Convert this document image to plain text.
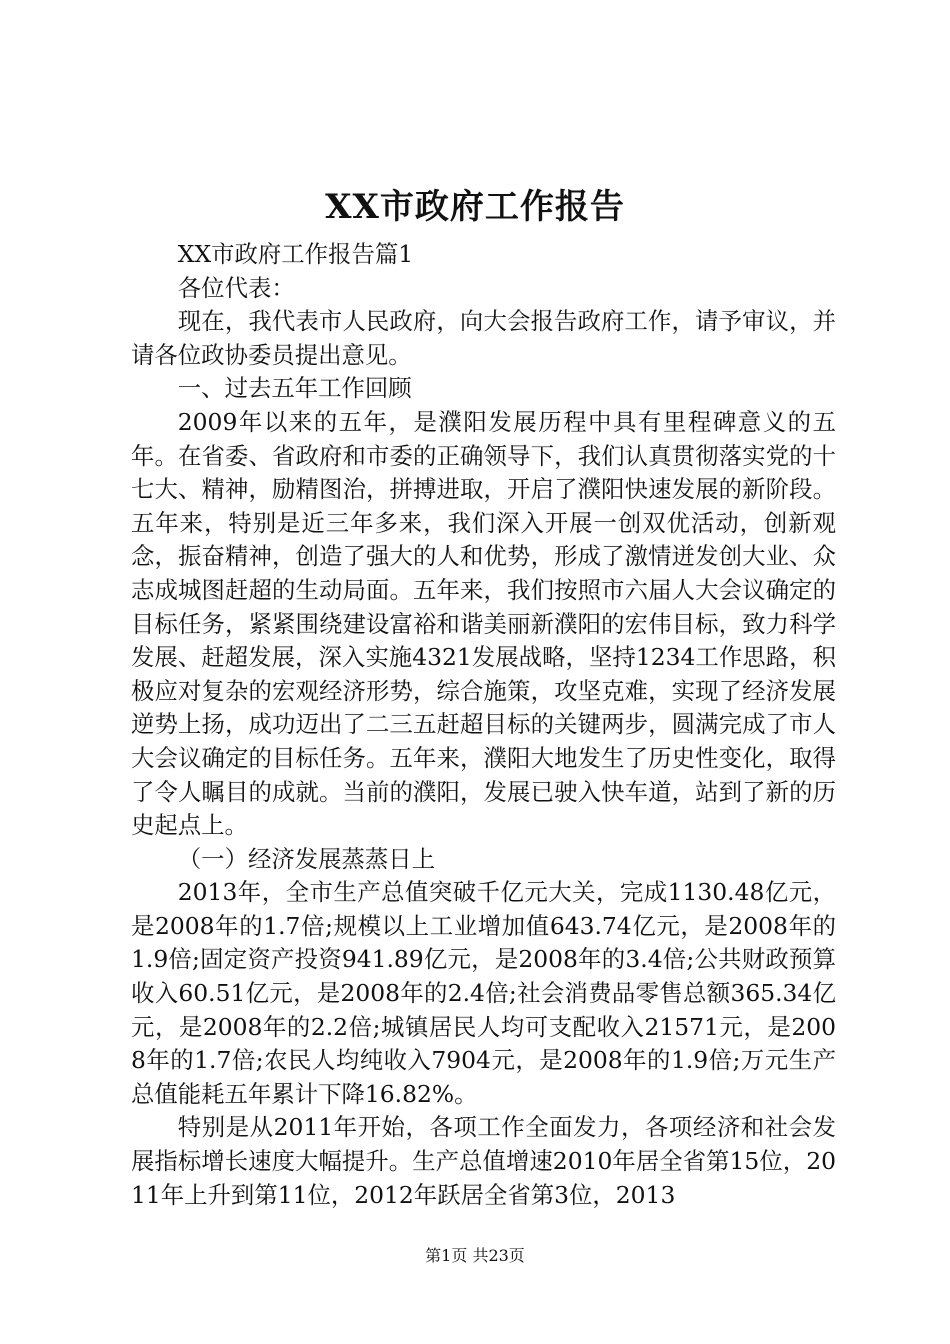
XX市政府工作报告

XX市政府工作报告篇1

各位代表：

现在，我代表市人民政府，向大会报告政府工作，请予审议，并请各位政协委员提出意见。

一、过去五年工作回顾

2009年以来的五年，是濮阳发展历程中具有里程碑意义的五年。在省委、省政府和市委的正确领导下，我们认真贯彻落实党的十七大、精神，励精图治，拼搏进取，开启了濮阳快速发展的新阶段。五年来，特别是近三年多来，我们深入开展一创双优活动，创新观念，振奋精神，创造了强大的人和优势，形成了激情迸发创大业、众志成城图赶超的生动局面。五年来，我们按照市六届人大会议确定的目标任务，紧紧围绕建设富裕和谐美丽新濮阳的宏伟目标，致力科学发展、赶超发展，深入实施4321发展战略，坚持1234工作思路，积极应对复杂的宏观经济形势，综合施策，攻坚克难，实现了经济发展逆势上扬，成功迈出了二三五赶超目标的关键两步，圆满完成了市人大会议确定的目标任务。五年来，濮阳大地发生了历史性变化，取得了令人瞩目的成就。当前的濮阳，发展已驶入快车道，站到了新的历史起点上。

（一）经济发展蒸蒸日上

2013年，全市生产总值突破千亿元大关，完成1130.48亿元，是2008年的1.7倍;规模以上工业增加值643.74亿元，是2008年的1.9倍;固定资产投资941.89亿元，是2008年的3.4倍;公共财政预算收入60.51亿元，是2008年的2.4倍;社会消费品零售总额365.34亿元，是2008年的2.2倍;城镇居民人均可支配收入21571元，是2008年的1.7倍;农民人均纯收入7904元，是2008年的1.9倍;万元生产总值能耗五年累计下降16.82%。

特别是从2011年开始，各项工作全面发力，各项经济和社会发展指标增长速度大幅提升。生产总值增速2010年居全省第15位，2011年上升到第11位，2012年跃居全省第3位，2013

第1页 共23页
